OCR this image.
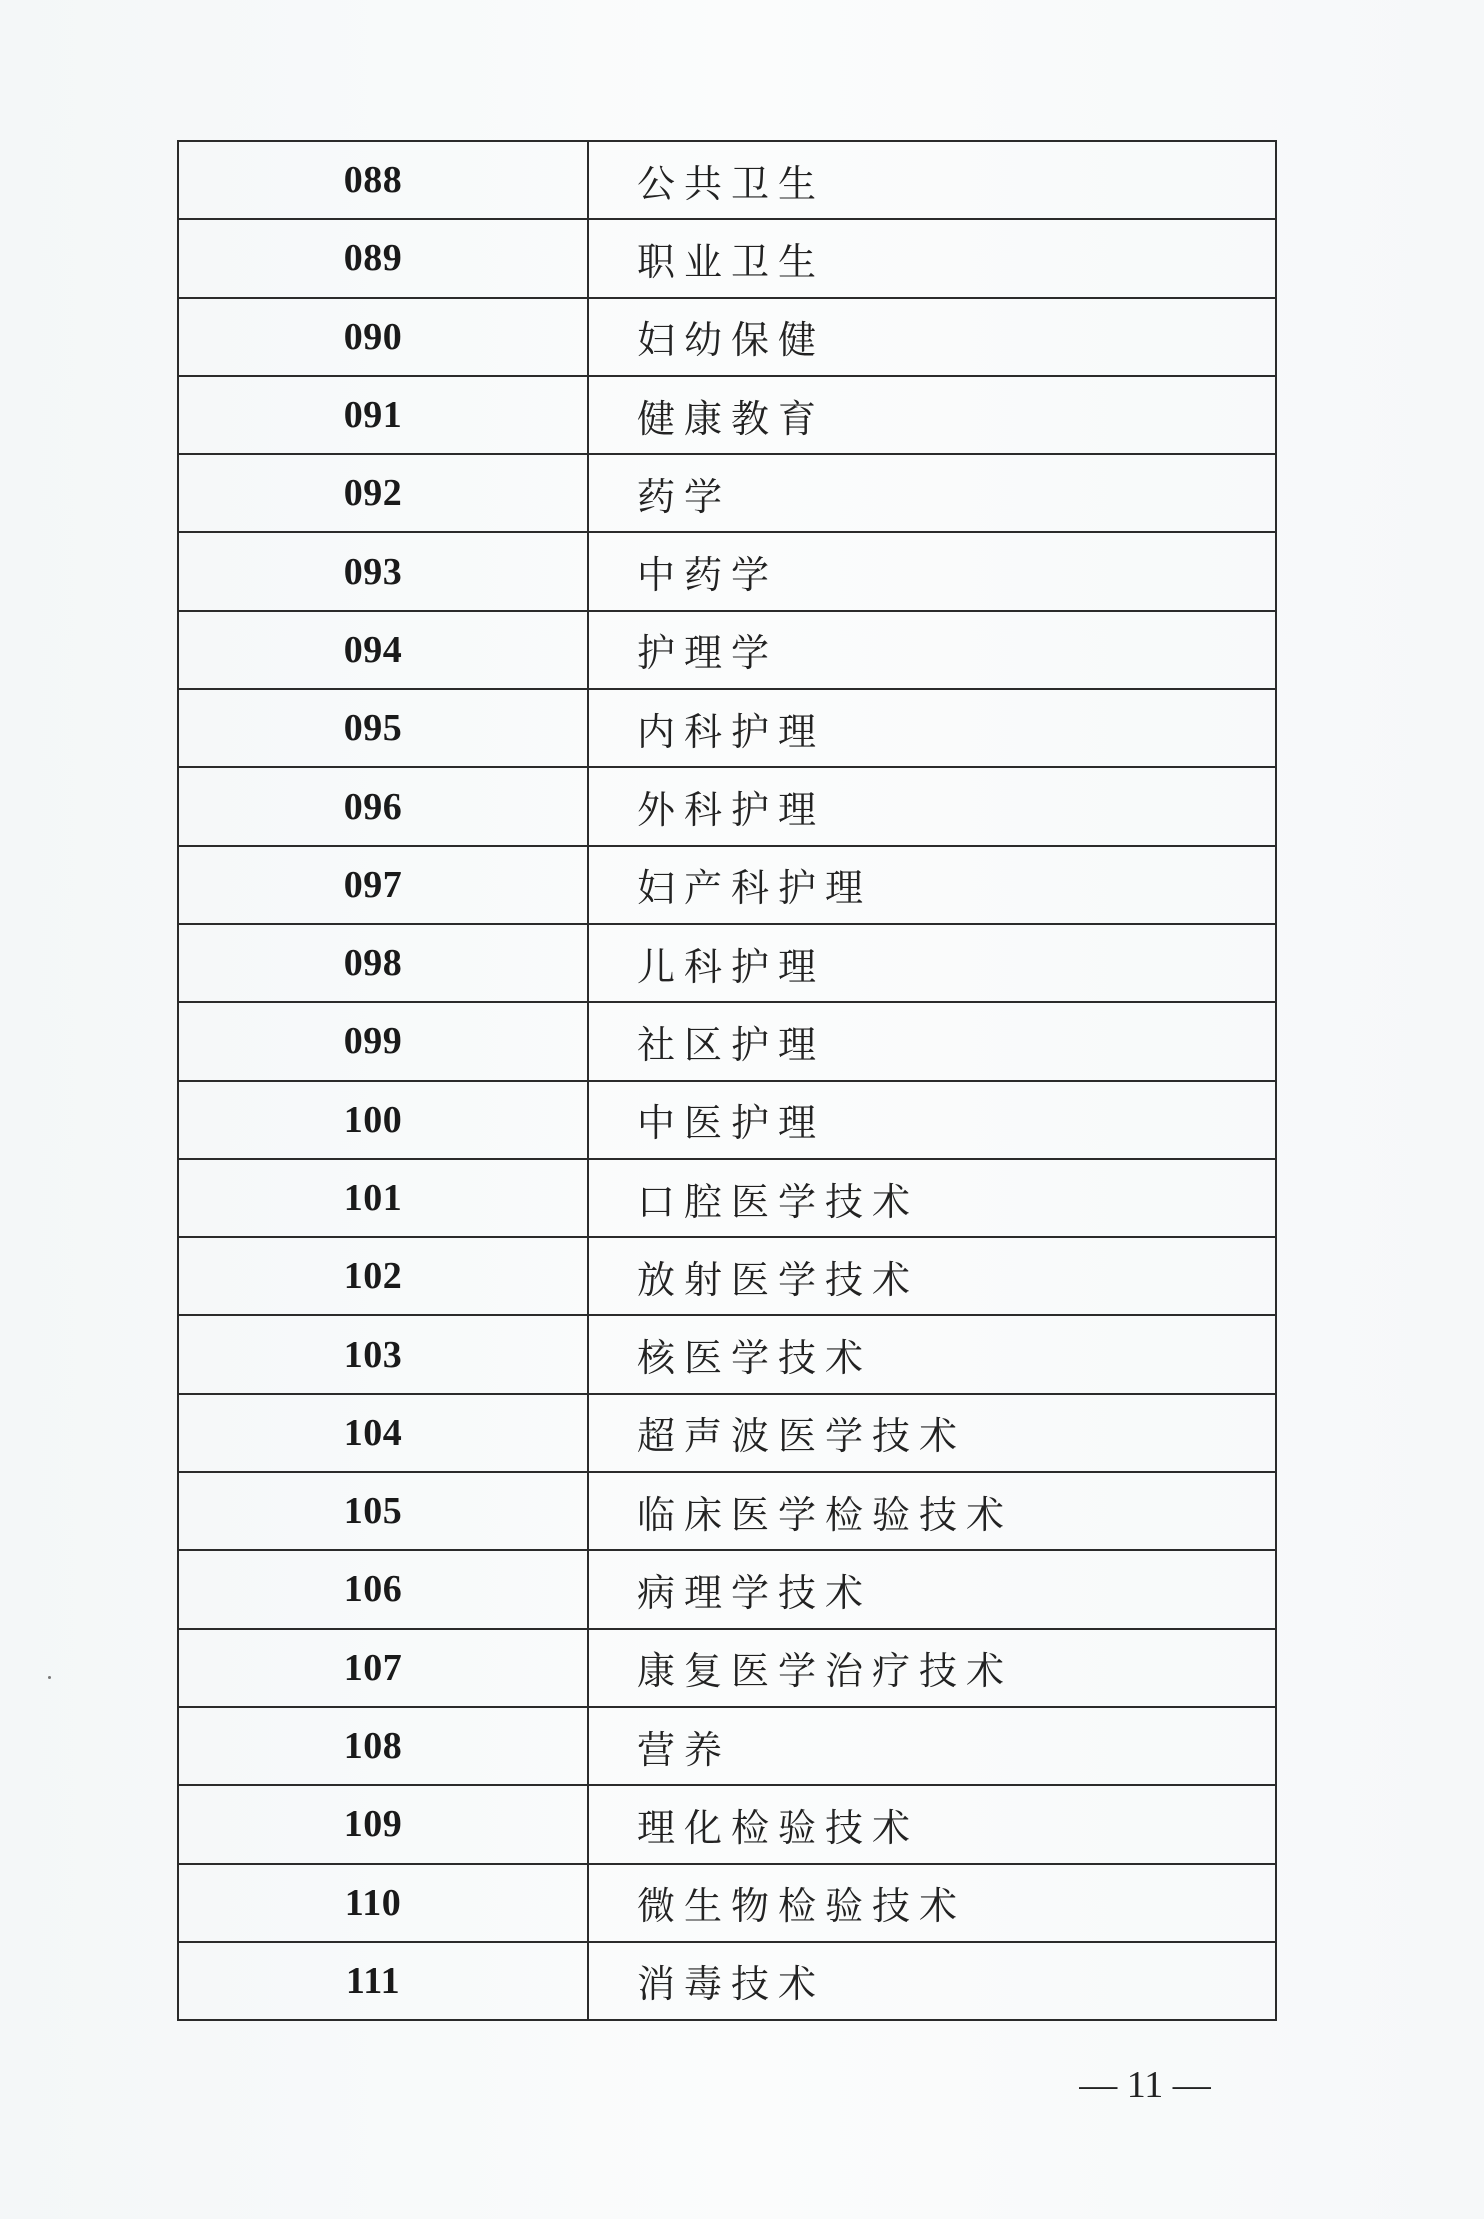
088	公共卫生
089	职业卫生
090	妇幼保健
091	健康教育
092	药学
093	中药学
094	护理学
095	内科护理
096	外科护理
097	妇产科护理
098	儿科护理
099	社区护理
100	中医护理
101	口腔医学技术
102	放射医学技术
103	核医学技术
104	超声波医学技术
105	临床医学检验技术
106	病理学技术
107	康复医学治疗技术
108	营养
109	理化检验技术
110	微生物检验技术
111	消毒技术
— 11 —
